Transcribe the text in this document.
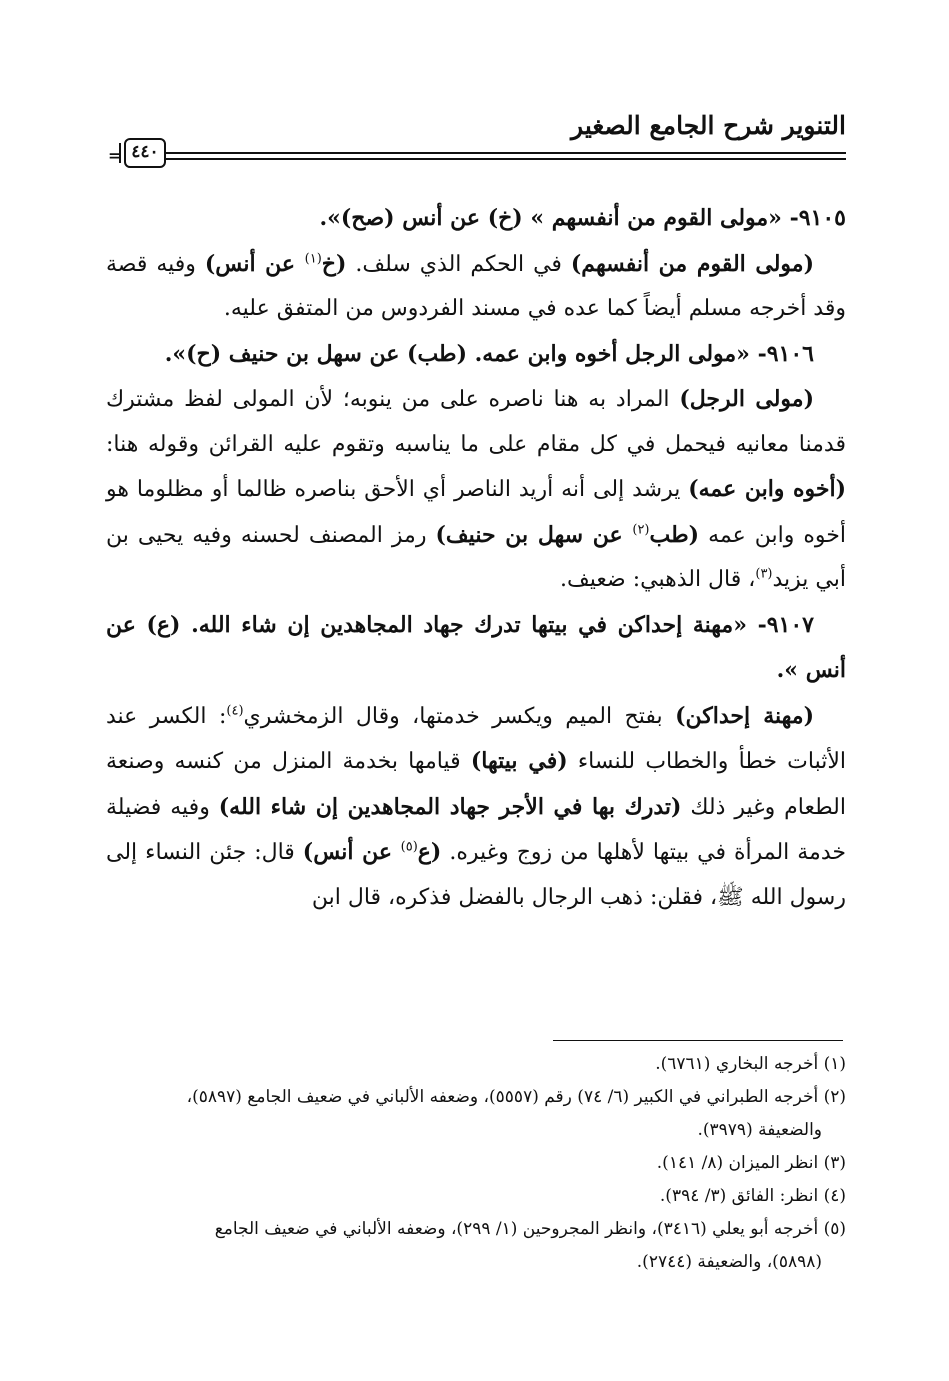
التنوير شرح الجامع الصغير
٤٤٠
=

٩١٠٥- «مولى القوم من أنفسهم » (خ) عن أنس (صح)».

(مولى القوم من أنفسهم) في الحكم الذي سلف. (خ$^{(١)}$ عن أنس) وفيه قصة وقد أخرجه مسلم أيضاً كما عده في مسند الفردوس من المتفق عليه.

٩١٠٦- «مولى الرجل أخوه وابن عمه. (طب) عن سهل بن حنيف (ح)».

(مولى الرجل) المراد به هنا ناصره على من ينوبه؛ لأن المولى لفظ مشترك قدمنا معانيه فيحمل في كل مقام على ما يناسبه وتقوم عليه القرائن وقوله هنا: (أخوه وابن عمه) يرشد إلى أنه أريد الناصر أي الأحق بناصره ظالما أو مظلوما هو أخوه وابن عمه (طب$^{(٢)}$ عن سهل بن حنيف) رمز المصنف لحسنه وفيه يحيى بن أبي يزيد$^{(٣)}$، قال الذهبي: ضعيف.

٩١٠٧- «مهنة إحداكن في بيتها تدرك جهاد المجاهدين إن شاء الله. (ع) عن أنس ».

(مهنة إحداكن) بفتح الميم ويكسر خدمتها، وقال الزمخشري$^{(٤)}$: الكسر عند الأثبات خطأ والخطاب للنساء (في بيتها) قيامها بخدمة المنزل من كنسه وصنعة الطعام وغير ذلك (تدرك بها في الأجر جهاد المجاهدين إن شاء الله) وفيه فضيلة خدمة المرأة في بيتها لأهلها من زوج وغيره. (ع$^{(٥)}$ عن أنس) قال: جئن النساء إلى رسول الله ﷺ، فقلن: ذهب الرجال بالفضل فذكره، قال ابن

(١) أخرجه البخاري (٦٧٦١).

(٢) أخرجه الطبراني في الكبير (٦/ ٧٤) رقم (٥٥٥٧)، وضعفه الألباني في ضعيف الجامع (٥٨٩٧)،

والضعيفة (٣٩٧٩).

(٣) انظر الميزان (٨/ ١٤١).

(٤) انظر: الفائق (٣/ ٣٩٤).

(٥) أخرجه أبو يعلي (٣٤١٦)، وانظر المجروحين (١/ ٢٩٩)، وضعفه الألباني في ضعيف الجامع

(٥٨٩٨)، والضعيفة (٢٧٤٤).
